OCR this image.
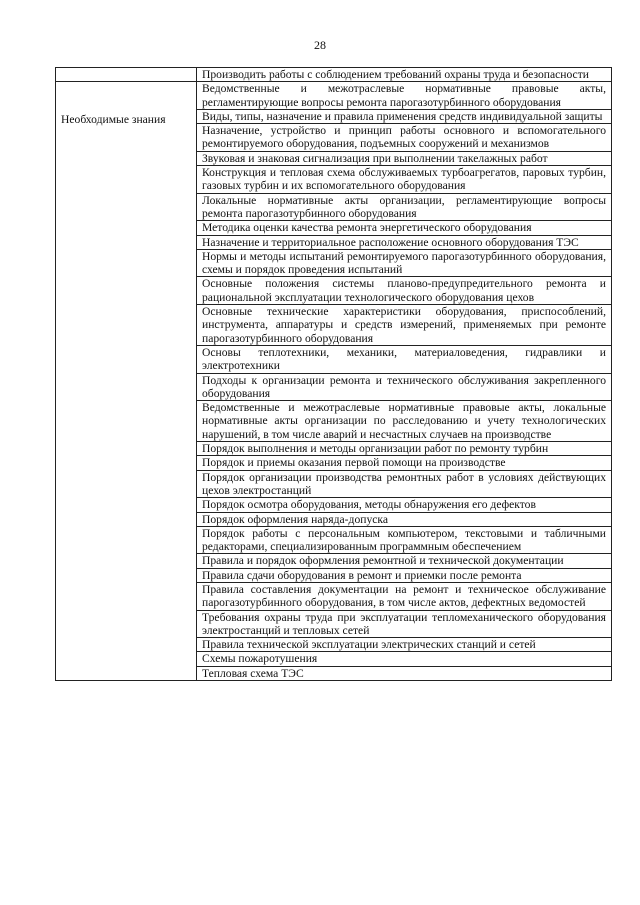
28

	Производить работы с соблюдением требований охраны труда и безопасности

Необходимые знания	Ведомственные и межотраслевые нормативные правовые акты, регламентирующие вопросы ремонта парогазотурбинного оборудования

	Виды, типы, назначение и правила применения средств индивидуальной защиты

	Назначение, устройство и принцип работы основного и вспомогательного ремонтируемого оборудования, подъемных сооружений и механизмов

	Звуковая и знаковая сигнализация при выполнении такелажных работ

	Конструкция и тепловая схема обслуживаемых турбоагрегатов, паровых турбин, газовых турбин и их вспомогательного оборудования

	Локальные нормативные акты организации, регламентирующие вопросы ремонта парогазотурбинного оборудования

	Методика оценки качества ремонта энергетического оборудования

	Назначение и территориальное расположение основного оборудования ТЭС

	Нормы и методы испытаний ремонтируемого парогазотурбинного оборудования, схемы и порядок проведения испытаний

	Основные положения системы планово-предупредительного ремонта и рациональной эксплуатации технологического оборудования цехов

	Основные технические характеристики оборудования, приспособлений, инструмента, аппаратуры и средств измерений, применяемых при ремонте парогазотурбинного оборудования

	Основы теплотехники, механики, материаловедения, гидравлики и электротехники

	Подходы к организации ремонта и технического обслуживания закрепленного оборудования

	Ведомственные и межотраслевые нормативные правовые акты, локальные нормативные акты организации по расследованию и учету технологических нарушений, в том числе аварий и несчастных случаев на производстве

	Порядок выполнения и методы организации работ по ремонту турбин

	Порядок и приемы оказания первой помощи на производстве

	Порядок организации производства ремонтных работ в условиях действующих цехов электростанций

	Порядок осмотра оборудования, методы обнаружения его дефектов

	Порядок оформления наряда-допуска

	Порядок работы с персональным компьютером, текстовыми и табличными редакторами, специализированным программным обеспечением

	Правила и порядок оформления ремонтной и технической документации

	Правила сдачи оборудования в ремонт и приемки после ремонта

	Правила составления документации на ремонт и техническое обслуживание парогазотурбинного оборудования, в том числе актов, дефектных ведомостей

	Требования охраны труда при эксплуатации тепломеханического оборудования электростанций и тепловых сетей

	Правила технической эксплуатации электрических станций и сетей

	Схемы пожаротушения

	Тепловая схема ТЭС
